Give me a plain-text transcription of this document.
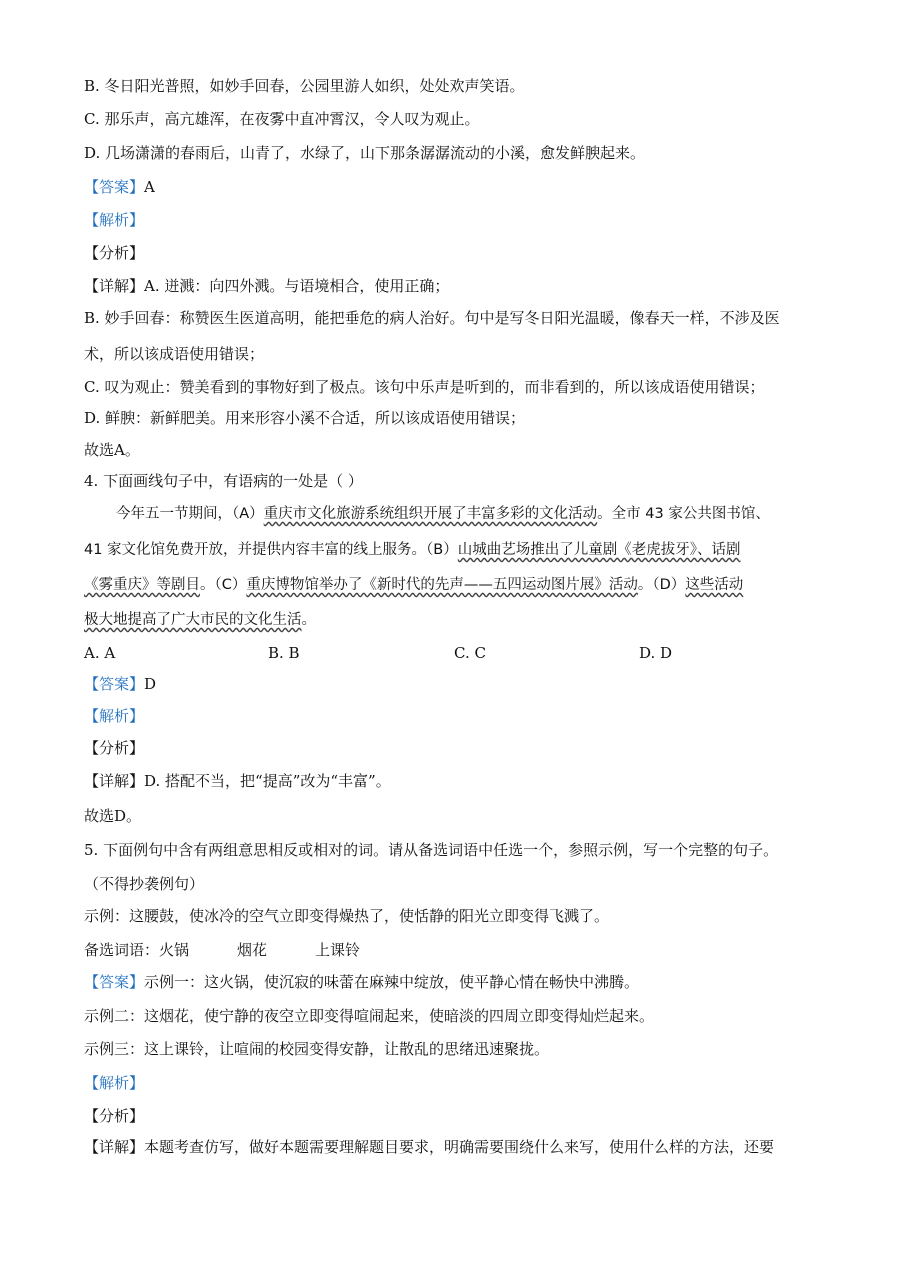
B. 冬日阳光普照，如妙手回春，公园里游人如织，处处欢声笑语。
C. 那乐声，高亢雄浑，在夜雾中直冲霄汉，令人叹为观止。
D. 几场潇潇的春雨后，山青了，水绿了，山下那条潺潺流动的小溪，愈发鲜腴起来。
【答案】A
【解析】
【分析】
【详解】A. 迸溅：向四外溅。与语境相合，使用正确；
B. 妙手回春：称赞医生医道高明，能把垂危的病人治好。句中是写冬日阳光温暖，像春天一样，不涉及医
术，所以该成语使用错误；
C. 叹为观止：赞美看到的事物好到了极点。该句中乐声是听到的，而非看到的，所以该成语使用错误；
D. 鲜腴：新鲜肥美。用来形容小溪不合适，所以该成语使用错误；
故选A。
4. 下面画线句子中，有语病的一处是（ ）
今年五一节期间，（A）重庆市文化旅游系统组织开展了丰富多彩的文化活动。全市 43 家公共图书馆、
41 家文化馆免费开放，并提供内容丰富的线上服务。（B）山城曲艺场推出了儿童剧《老虎拔牙》、话剧
《雾重庆》等剧目。（C）重庆博物馆举办了《新时代的先声——五四运动图片展》活动。（D）这些活动
极大地提高了广大市民的文化生活。
A. A	B. B	C. C	D. D
【答案】D
【解析】
【分析】
【详解】D. 搭配不当，把“提高”改为“丰富”。
故选D。
5. 下面例句中含有两组意思相反或相对的词。请从备选词语中任选一个，参照示例，写一个完整的句子。
（不得抄袭例句）
示例：这腰鼓，使冰冷的空气立即变得燥热了，使恬静的阳光立即变得飞溅了。
备选词语：火锅	烟花	上课铃
【答案】示例一：这火锅，使沉寂的味蕾在麻辣中绽放，使平静心情在畅快中沸腾。
示例二：这烟花，使宁静的夜空立即变得喧闹起来，使暗淡的四周立即变得灿烂起来。
示例三：这上课铃，让喧闹的校园变得安静，让散乱的思绪迅速聚拢。
【解析】
【分析】
【详解】本题考查仿写，做好本题需要理解题目要求，明确需要围绕什么来写，使用什么样的方法，还要
